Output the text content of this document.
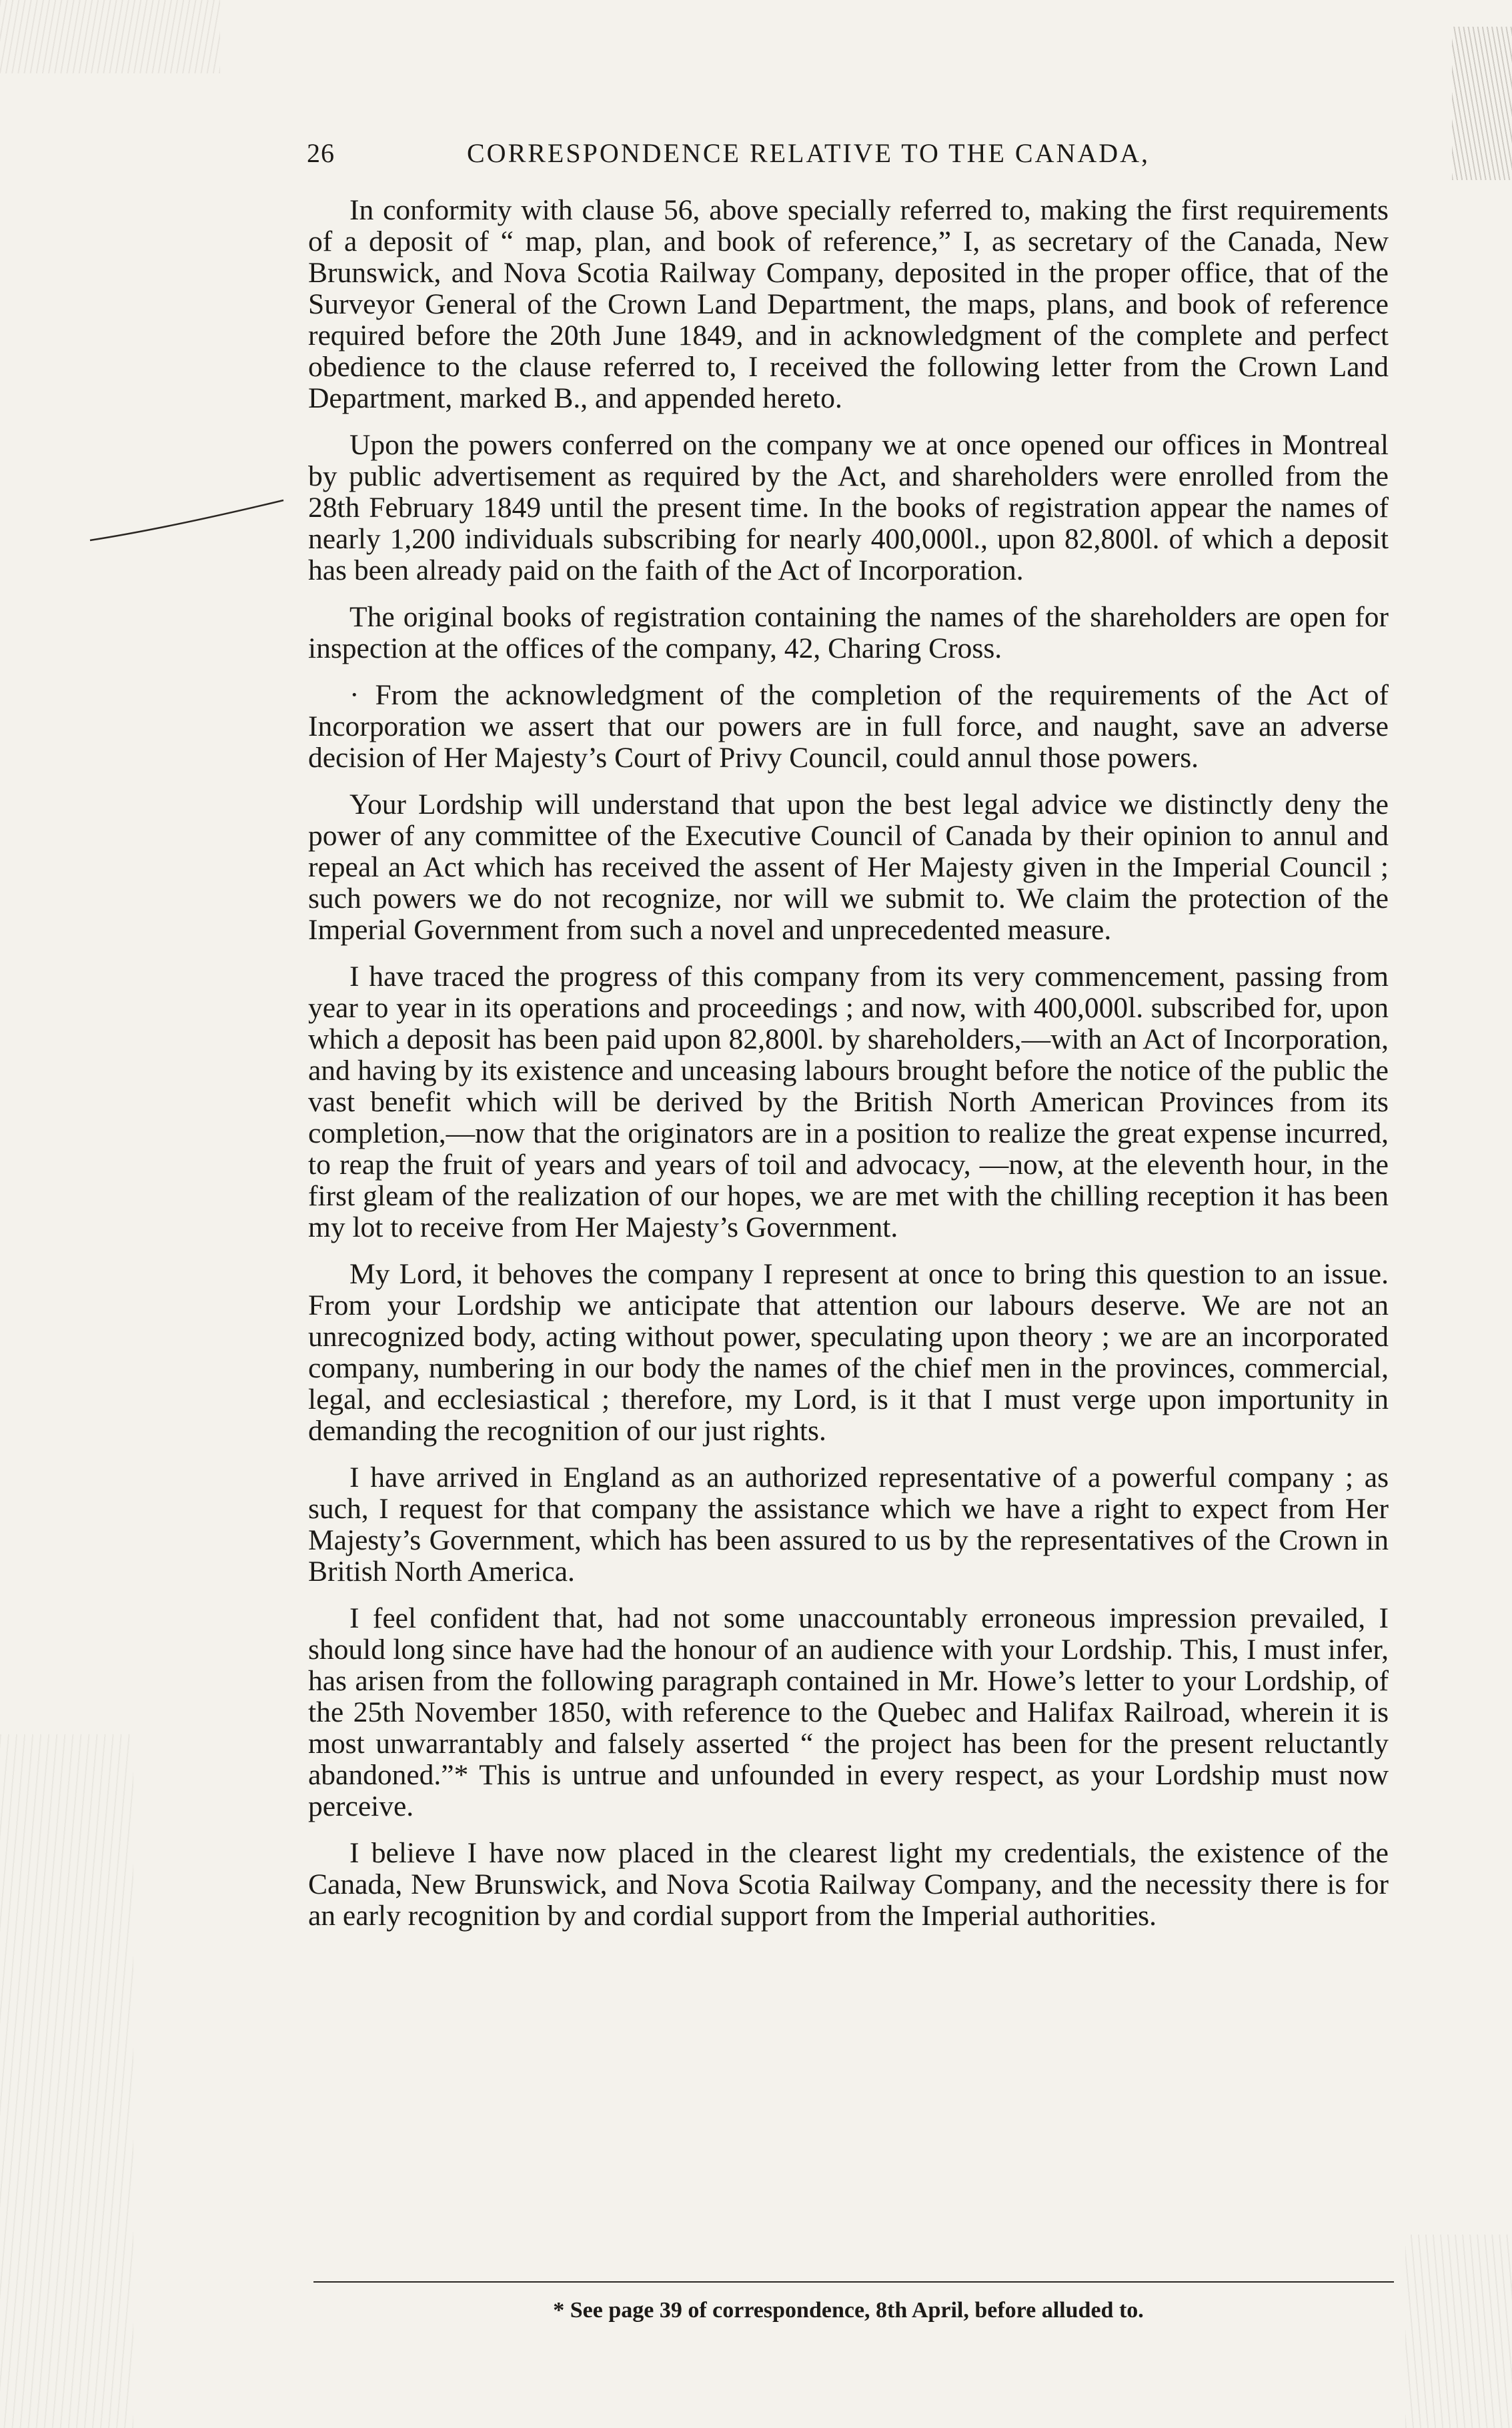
26	CORRESPONDENCE RELATIVE TO THE CANADA,

In conformity with clause 56, above specially referred to, making the first requirements of a deposit of “ map, plan, and book of reference,” I, as secretary of the Canada, New Brunswick, and Nova Scotia Railway Company, deposited in the proper office, that of the Surveyor General of the Crown Land Department, the maps, plans, and book of reference required before the 20th June 1849, and in acknowledgment of the complete and perfect obedience to the clause referred to, I received the following letter from the Crown Land Department, marked B., and appended hereto.

Upon the powers conferred on the company we at once opened our offices in Montreal by public advertisement as required by the Act, and shareholders were enrolled from the 28th February 1849 until the present time. In the books of registration appear the names of nearly 1,200 individuals subscribing for nearly 400,000l., upon 82,800l. of which a deposit has been already paid on the faith of the Act of Incorporation.

The original books of registration containing the names of the shareholders are open for inspection at the offices of the company, 42, Charing Cross.

· From the acknowledgment of the completion of the requirements of the Act of Incorporation we assert that our powers are in full force, and naught, save an adverse decision of Her Majesty’s Court of Privy Council, could annul those powers.

Your Lordship will understand that upon the best legal advice we distinctly deny the power of any committee of the Executive Council of Canada by their opinion to annul and repeal an Act which has received the assent of Her Majesty given in the Imperial Council ; such powers we do not recognize, nor will we submit to. We claim the protection of the Imperial Government from such a novel and unprecedented measure.

I have traced the progress of this company from its very commencement, passing from year to year in its operations and proceedings ; and now, with 400,000l. subscribed for, upon which a deposit has been paid upon 82,800l. by shareholders,—with an Act of Incorporation, and having by its existence and unceasing labours brought before the notice of the public the vast benefit which will be derived by the British North American Provinces from its completion,—now that the originators are in a position to realize the great expense incurred, to reap the fruit of years and years of toil and advocacy, —now, at the eleventh hour, in the first gleam of the realization of our hopes, we are met with the chilling reception it has been my lot to receive from Her Majesty’s Government.

My Lord, it behoves the company I represent at once to bring this question to an issue. From your Lordship we anticipate that attention our labours deserve. We are not an unrecognized body, acting without power, speculating upon theory ; we are an incorporated company, numbering in our body the names of the chief men in the provinces, commercial, legal, and ecclesiastical ; therefore, my Lord, is it that I must verge upon importunity in demanding the recognition of our just rights.

I have arrived in England as an authorized representative of a powerful company ; as such, I request for that company the assistance which we have a right to expect from Her Majesty’s Government, which has been assured to us by the representatives of the Crown in British North America.

I feel confident that, had not some unaccountably erroneous impression prevailed, I should long since have had the honour of an audience with your Lordship. This, I must infer, has arisen from the following paragraph contained in Mr. Howe’s letter to your Lordship, of the 25th November 1850, with reference to the Quebec and Halifax Railroad, wherein it is most unwarrantably and falsely asserted “ the project has been for the present reluctantly abandoned.”* This is untrue and unfounded in every respect, as your Lordship must now perceive.

I believe I have now placed in the clearest light my credentials, the existence of the Canada, New Brunswick, and Nova Scotia Railway Company, and the necessity there is for an early recognition by and cordial support from the Imperial authorities.

* See page 39 of correspondence, 8th April, before alluded to.
